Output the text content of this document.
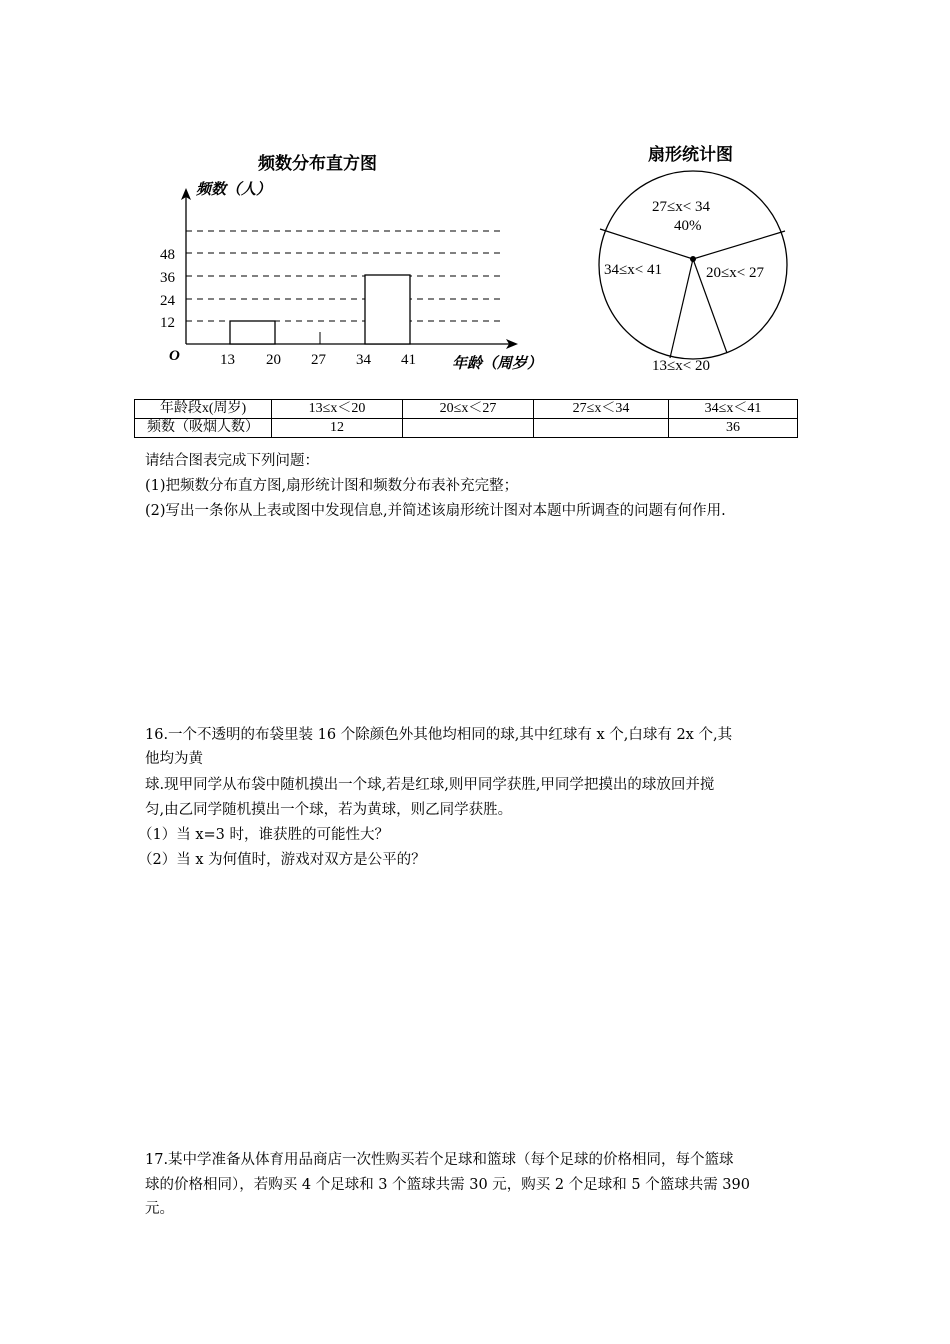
频数分布直方图
频数（人）
48
36
24
12
O	13 20 27 34 41 年龄（周岁）
扇形统计图
27≤x< 34
40%
34≤x< 41	20≤x< 27
13≤x< 20
年龄段x(周岁)	13≤x＜20	20≤x＜27	27≤x＜34	34≤x＜41
频数（吸烟人数）	12			36
请结合图表完成下列问题：
(1)把频数分布直方图,扇形统计图和频数分布表补充完整；
(2)写出一条你从上表或图中发现信息,并简述该扇形统计图对本题中所调查的问题有何作用.
16.一个不透明的布袋里装 16 个除颜色外其他均相同的球,其中红球有 x 个,白球有 2x 个,其
他均为黄
球.现甲同学从布袋中随机摸出一个球,若是红球,则甲同学获胜,甲同学把摸出的球放回并搅
匀,由乙同学随机摸出一个球，若为黄球，则乙同学获胜。
（1）当 x=3 时，谁获胜的可能性大？
（2）当 x 为何值时，游戏对双方是公平的？
17.某中学准备从体育用品商店一次性购买若个足球和篮球（每个足球的价格相同，每个篮球
球的价格相同），若购买 4 个足球和 3 个篮球共需 30 元，购买 2 个足球和 5 个篮球共需 390
元。
